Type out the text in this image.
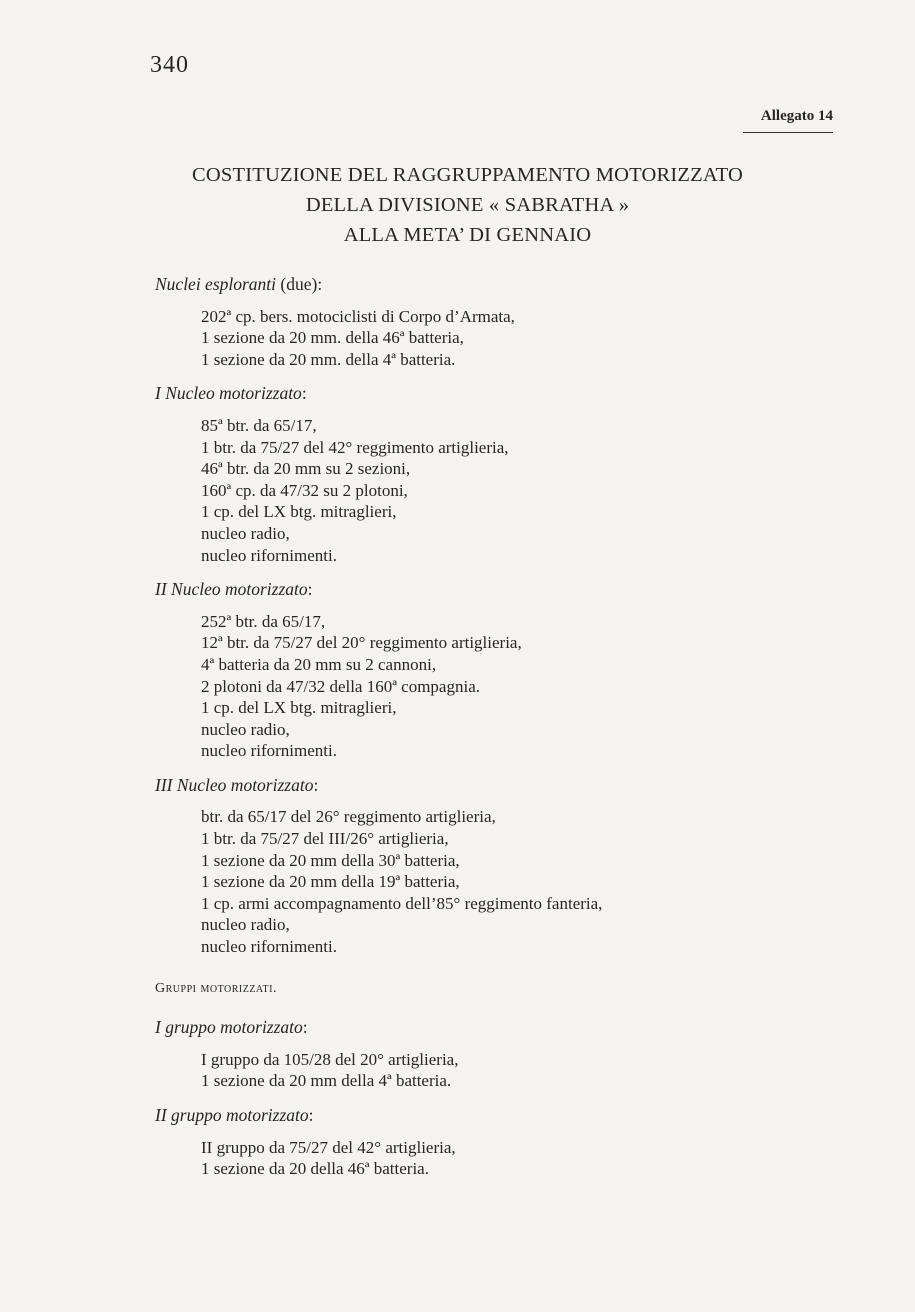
340
Allegato 14
COSTITUZIONE DEL RAGGRUPPAMENTO MOTORIZZATO
DELLA DIVISIONE « SABRATHA »
ALLA META’ DI GENNAIO
Nuclei esploranti (due):
202ª cp. bers. motociclisti di Corpo d’Armata,
1 sezione da 20 mm. della 46ª batteria,
1 sezione da 20 mm. della 4ª batteria.
I Nucleo motorizzato:
85ª btr. da 65/17,
1 btr. da 75/27 del 42° reggimento artiglieria,
46ª btr. da 20 mm su 2 sezioni,
160ª cp. da 47/32 su 2 plotoni,
1 cp. del LX btg. mitraglieri,
nucleo radio,
nucleo rifornimenti.
II Nucleo motorizzato:
252ª btr. da 65/17,
12ª btr. da 75/27 del 20° reggimento artiglieria,
4ª batteria da 20 mm su 2 cannoni,
2 plotoni da 47/32 della 160ª compagnia.
1 cp. del LX btg. mitraglieri,
nucleo radio,
nucleo rifornimenti.
III Nucleo motorizzato:
btr. da 65/17 del 26° reggimento artiglieria,
1 btr. da 75/27 del III/26° artiglieria,
1 sezione da 20 mm della 30ª batteria,
1 sezione da 20 mm della 19ª batteria,
1 cp. armi accompagnamento dell’85° reggimento fanteria,
nucleo radio,
nucleo rifornimenti.
Gruppi motorizzati.
I gruppo motorizzato:
I gruppo da 105/28 del 20° artiglieria,
1 sezione da 20 mm della 4ª batteria.
II gruppo motorizzato:
II gruppo da 75/27 del 42° artiglieria,
1 sezione da 20 della 46ª batteria.
